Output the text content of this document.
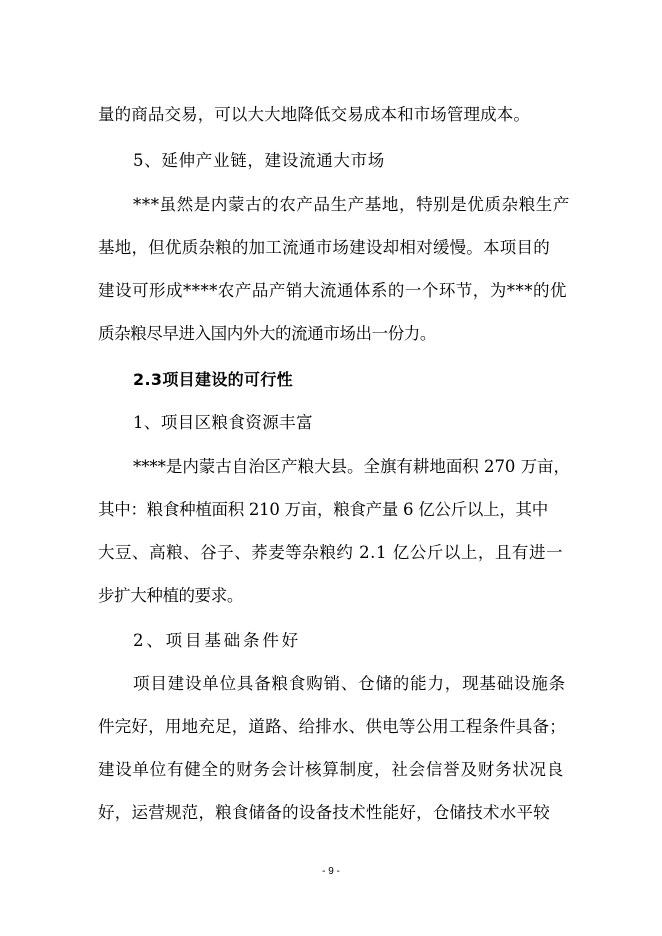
量的商品交易，可以大大地降低交易成本和市场管理成本。
5、延伸产业链，建设流通大市场
***虽然是内蒙古的农产品生产基地，特别是优质杂粮生产
基地，但优质杂粮的加工流通市场建设却相对缓慢。本项目的
建设可形成****农产品产销大流通体系的一个环节，为***的优
质杂粮尽早进入国内外大的流通市场出一份力。
2.3项目建设的可行性
1、项目区粮食资源丰富
****是内蒙古自治区产粮大县。全旗有耕地面积 270 万亩，
其中：粮食种植面积 210 万亩，粮食产量 6 亿公斤以上，其中
大豆、高粮、谷子、荞麦等杂粮约 2.1 亿公斤以上，且有进一
步扩大种植的要求。
2、项目基础条件好
项目建设单位具备粮食购销、仓储的能力，现基础设施条
件完好，用地充足，道路、给排水、供电等公用工程条件具备；
建设单位有健全的财务会计核算制度，社会信誉及财务状况良
好，运营规范，粮食储备的设备技术性能好，仓储技术水平较
- 9 -
